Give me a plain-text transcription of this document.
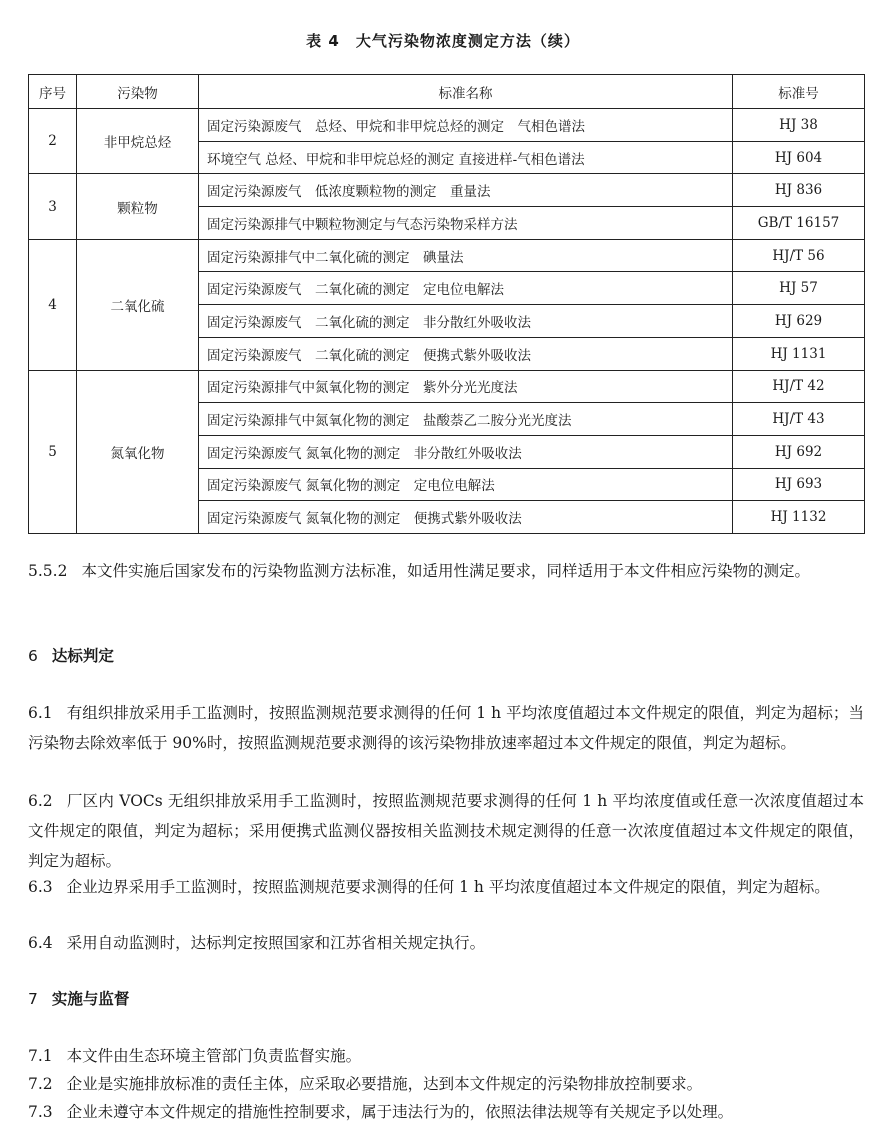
表 4　大气污染物浓度测定方法（续）
序号	污染物	标准名称	标准号
2	非甲烷总烃	固定污染源废气　总烃、甲烷和非甲烷总烃的测定　气相色谱法	HJ 38
		环境空气 总烃、甲烷和非甲烷总烃的测定 直接进样-气相色谱法	HJ 604
3	颗粒物	固定污染源废气　低浓度颗粒物的测定　重量法	HJ 836
		固定污染源排气中颗粒物测定与气态污染物采样方法	GB/T 16157
4	二氧化硫	固定污染源排气中二氧化硫的测定　碘量法	HJ/T 56
		固定污染源废气　二氧化硫的测定　定电位电解法	HJ 57
		固定污染源废气　二氧化硫的测定　非分散红外吸收法	HJ 629
		固定污染源废气　二氧化硫的测定　便携式紫外吸收法	HJ 1131
5	氮氧化物	固定污染源排气中氮氧化物的测定　紫外分光光度法	HJ/T 42
		固定污染源排气中氮氧化物的测定　盐酸萘乙二胺分光光度法	HJ/T 43
		固定污染源废气 氮氧化物的测定　非分散红外吸收法	HJ 692
		固定污染源废气 氮氧化物的测定　定电位电解法	HJ 693
		固定污染源废气 氮氧化物的测定　便携式紫外吸收法	HJ 1132
5.5.2 本文件实施后国家发布的污染物监测方法标准，如适用性满足要求，同样适用于本文件相应污染物的测定。
6 达标判定
6.1 有组织排放采用手工监测时，按照监测规范要求测得的任何 1 h 平均浓度值超过本文件规定的限值，判定为超标；当污染物去除效率低于 90%时，按照监测规范要求测得的该污染物排放速率超过本文件规定的限值，判定为超标。
6.2 厂区内 VOCs 无组织排放采用手工监测时，按照监测规范要求测得的任何 1 h 平均浓度值或任意一次浓度值超过本文件规定的限值，判定为超标；采用便携式监测仪器按相关监测技术规定测得的任意一次浓度值超过本文件规定的限值，判定为超标。
6.3 企业边界采用手工监测时，按照监测规范要求测得的任何 1 h 平均浓度值超过本文件规定的限值，判定为超标。
6.4 采用自动监测时，达标判定按照国家和江苏省相关规定执行。
7 实施与监督
7.1 本文件由生态环境主管部门负责监督实施。
7.2 企业是实施排放标准的责任主体，应采取必要措施，达到本文件规定的污染物排放控制要求。
7.3 企业未遵守本文件规定的措施性控制要求，属于违法行为的，依照法律法规等有关规定予以处理。
